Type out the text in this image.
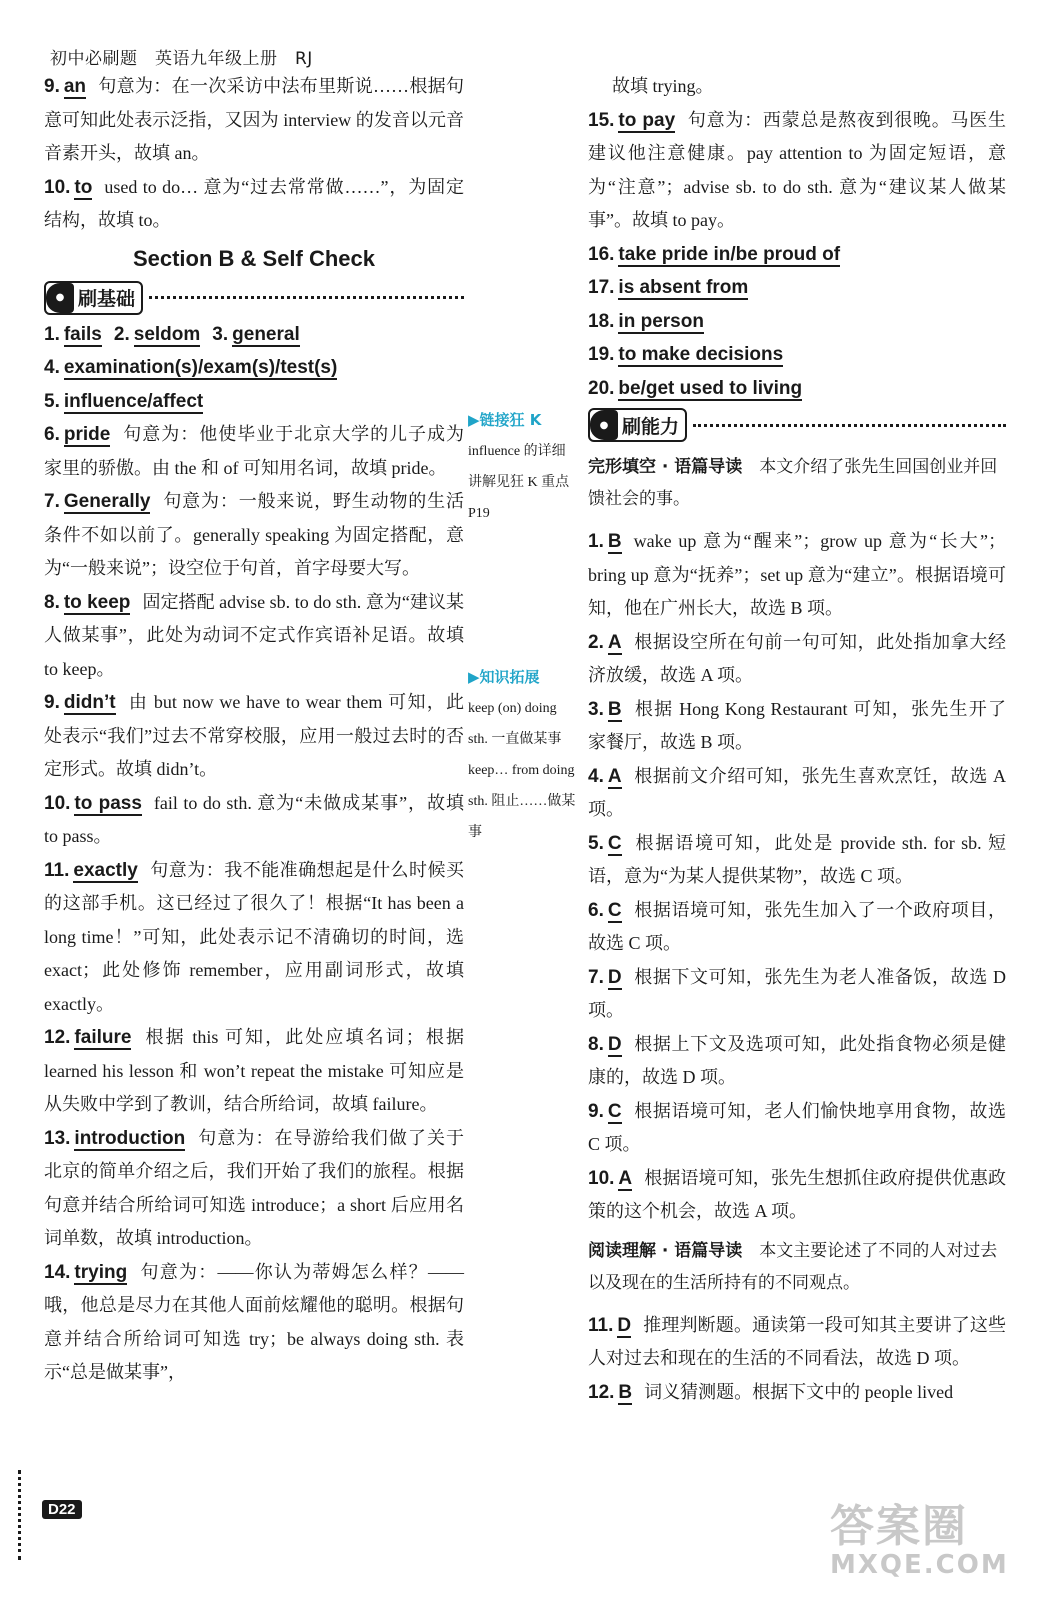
初中必刷题　英语九年级上册　RJ
9. an 句意为：在一次采访中法布里斯说……根据句意可知此处表示泛指，又因为 interview 的发音以元音音素开头，故填 an。
10. to used to do… 意为“过去常常做……”，为固定结构，故填 to。
Section B & Self Check
● 刷基础
1. fails 2. seldom 3. general
4. examination(s)/exam(s)/test(s)
5. influence/affect
6. pride 句意为：他使毕业于北京大学的儿子成为家里的骄傲。由 the 和 of 可知用名词，故填 pride。
7. Generally 句意为：一般来说，野生动物的生活条件不如以前了。generally speaking 为固定搭配，意为“一般来说”；设空位于句首，首字母要大写。
8. to keep 固定搭配 advise sb. to do sth. 意为“建议某人做某事”，此处为动词不定式作宾语补足语。故填 to keep。
9. didn’t 由 but now we have to wear them 可知，此处表示“我们”过去不常穿校服，应用一般过去时的否定形式。故填 didn’t。
10. to pass fail to do sth. 意为“未做成某事”，故填 to pass。
11. exactly 句意为：我不能准确想起是什么时候买的这部手机。这已经过了很久了！根据“It has been a long time！”可知，此处表示记不清确切的时间，选 exact；此处修饰 remember，应用副词形式，故填 exactly。
12. failure 根据 this 可知，此处应填名词；根据 learned his lesson 和 won’t repeat the mistake 可知应是从失败中学到了教训，结合所给词，故填 failure。
13. introduction 句意为：在导游给我们做了关于北京的简单介绍之后，我们开始了我们的旅程。根据句意并结合所给词可知选 introduce；a short 后应用名词单数，故填 introduction。
14. trying 句意为：——你认为蒂姆怎么样？——哦，他总是尽力在其他人面前炫耀他的聪明。根据句意并结合所给词可知选 try；be always doing sth. 表示“总是做某事”，
▶链接狂 K
influence 的详细讲解见狂 K 重点 P19
▶知识拓展
keep (on) doing sth. 一直做某事 keep… from doing sth. 阻止……做某事
故填 trying。
15. to pay 句意为：西蒙总是熬夜到很晚。马医生建议他注意健康。pay attention to 为固定短语，意为“注意”；advise sb. to do sth. 意为“建议某人做某事”。故填 to pay。
16. take pride in/be proud of
17. is absent from
18. in person
19. to make decisions
20. be/get used to living
● 刷能力
完形填空 · 语篇导读　 本文介绍了张先生回国创业并回馈社会的事。
1. B wake up 意为“醒来”；grow up 意为“长大”；bring up 意为“抚养”；set up 意为“建立”。根据语境可知，他在广州长大，故选 B 项。
2. A 根据设空所在句前一句可知，此处指加拿大经济放缓，故选 A 项。
3. B 根据 Hong Kong Restaurant 可知，张先生开了家餐厅，故选 B 项。
4. A 根据前文介绍可知，张先生喜欢烹饪，故选 A 项。
5. C 根据语境可知，此处是 provide sth. for sb. 短语，意为“为某人提供某物”，故选 C 项。
6. C 根据语境可知，张先生加入了一个政府项目，故选 C 项。
7. D 根据下文可知，张先生为老人准备饭，故选 D 项。
8. D 根据上下文及选项可知，此处指食物必须是健康的，故选 D 项。
9. C 根据语境可知，老人们愉快地享用食物，故选 C 项。
10. A 根据语境可知，张先生想抓住政府提供优惠政策的这个机会，故选 A 项。
阅读理解 · 语篇导读　 本文主要论述了不同的人对过去以及现在的生活所持有的不同观点。
11. D 推理判断题。通读第一段可知其主要讲了这些人对过去和现在的生活的不同看法，故选 D 项。
12. B 词义猜测题。根据下文中的 people lived
D22	答案圈
MXQE.COM
